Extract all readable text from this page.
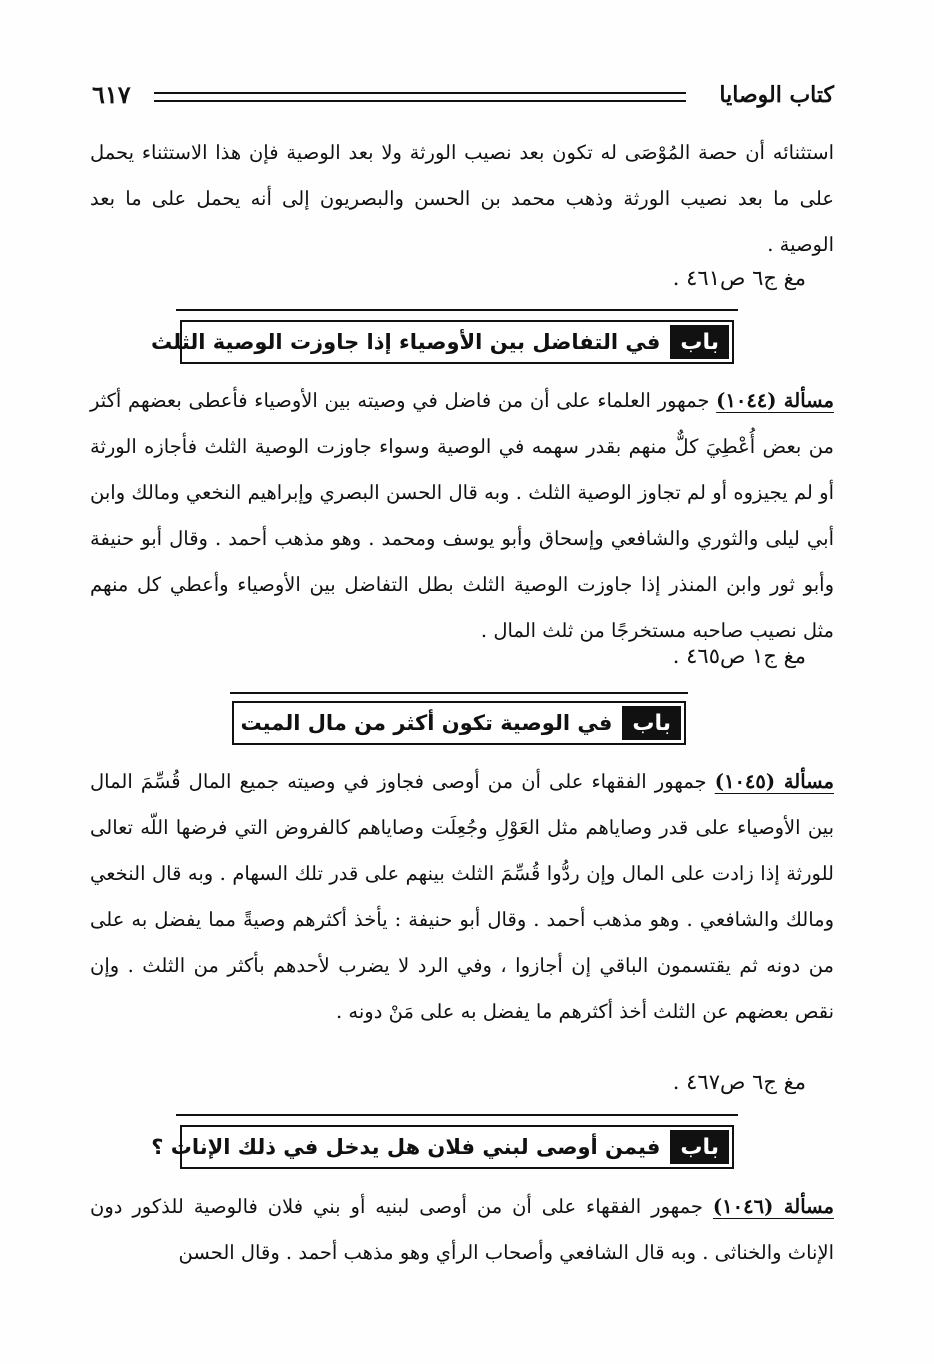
كتاب الوصايا
٦١٧
استثنائه أن حصة المُوْصَى له تكون بعد نصيب الورثة ولا بعد الوصية فإن هذا الاستثناء يحمل على ما بعد نصيب الورثة وذهب محمد بن الحسن والبصريون إلى أنه يحمل على ما بعد الوصية .
مغ ج٦ ص٤٦١ .
باب
في التفاضل بين الأوصياء إذا جاوزت الوصية الثلث
مسألة (١٠٤٤) جمهور العلماء على أن من فاضل في وصيته بين الأوصياء فأعطى بعضهم أكثر من بعض أُعْطِيَ كلٌّ منهم بقدر سهمه في الوصية وسواء جاوزت الوصية الثلث فأجازه الورثة أو لم يجيزوه أو لم تجاوز الوصية الثلث . وبه قال الحسن البصري وإبراهيم النخعي ومالك وابن أبي ليلى والثوري والشافعي وإسحاق وأبو يوسف ومحمد . وهو مذهب أحمد . وقال أبو حنيفة وأبو ثور وابن المنذر إذا جاوزت الوصية الثلث بطل التفاضل بين الأوصياء وأعطي كل منهم مثل نصيب صاحبه مستخرجًا من ثلث المال .
مغ ج١ ص٤٦٥ .
باب
في الوصية تكون أكثر من مال الميت
مسألة (١٠٤٥) جمهور الفقهاء على أن من أوصى فجاوز في وصيته جميع المال قُسِّمَ المال بين الأوصياء على قدر وصاياهم مثل العَوْلِ وجُعِلَت وصاياهم كالفروض التي فرضها اللّه تعالى للورثة إذا زادت على المال وإن ردُّوا قُسِّمَ الثلث بينهم على قدر تلك السهام . وبه قال النخعي ومالك والشافعي . وهو مذهب أحمد . وقال أبو حنيفة : يأخذ أكثرهم وصيةً مما يفضل به على من دونه ثم يقتسمون الباقي إن أجازوا ، وفي الرد لا يضرب لأحدهم بأكثر من الثلث . وإن نقص بعضهم عن الثلث أخذ أكثرهم ما يفضل به على مَنْ دونه .
مغ ج٦ ص٤٦٧ .
باب
فيمن أوصى لبني فلان هل يدخل في ذلك الإناث ؟
مسألة (١٠٤٦) جمهور الفقهاء على أن من أوصى لبنيه أو بني فلان فالوصية للذكور دون الإناث والخناثى . وبه قال الشافعي وأصحاب الرأي وهو مذهب أحمد . وقال الحسن
